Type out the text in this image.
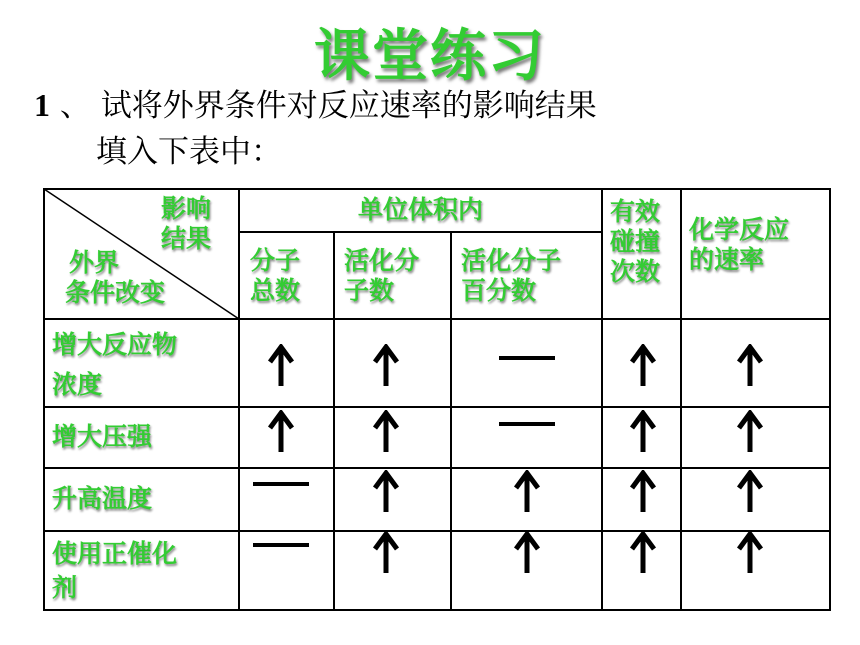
课堂练习
1 、 试将外界条件对反应速率的影响结果
填入下表中：
影响
结果
外界
条件改变
单位体积内
分子
总数
活化分
子数
活化分子
百分数
有效
碰撞
次数
化学反应
的速率
增大反应物
浓度
增大压强
升高温度
使用正催化
剂
